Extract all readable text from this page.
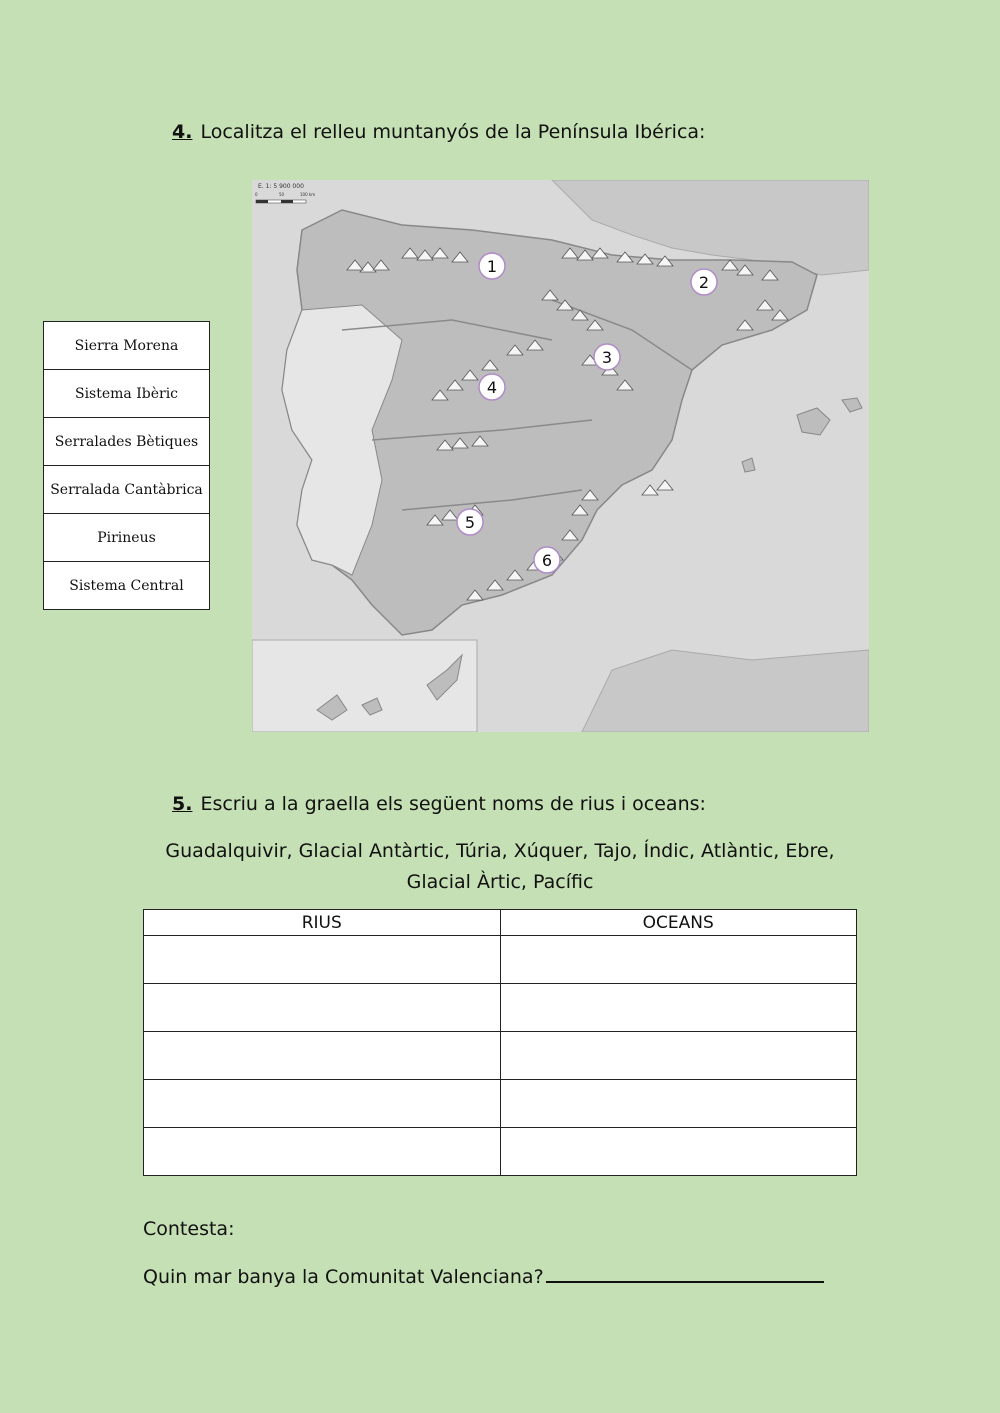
4. Localitza el relleu muntanyós de la Península Ibérica:
E. 1: 5 900 000
0	50	100 km
1
2
3
4
5
6
Sierra Morena
Sistema Ibèric
Serralades Bètiques
Serralada Cantàbrica
Pirineus
Sistema Central
5. Escriu a la graella els següent noms de rius i oceans:
Guadalquivir, Glacial Antàrtic, Túria, Xúquer, Tajo, Índic, Atlàntic, Ebre, Glacial Àrtic, Pacífic
RIUS	OCEANS

Contesta:
Quin mar banya la Comunitat Valenciana?
